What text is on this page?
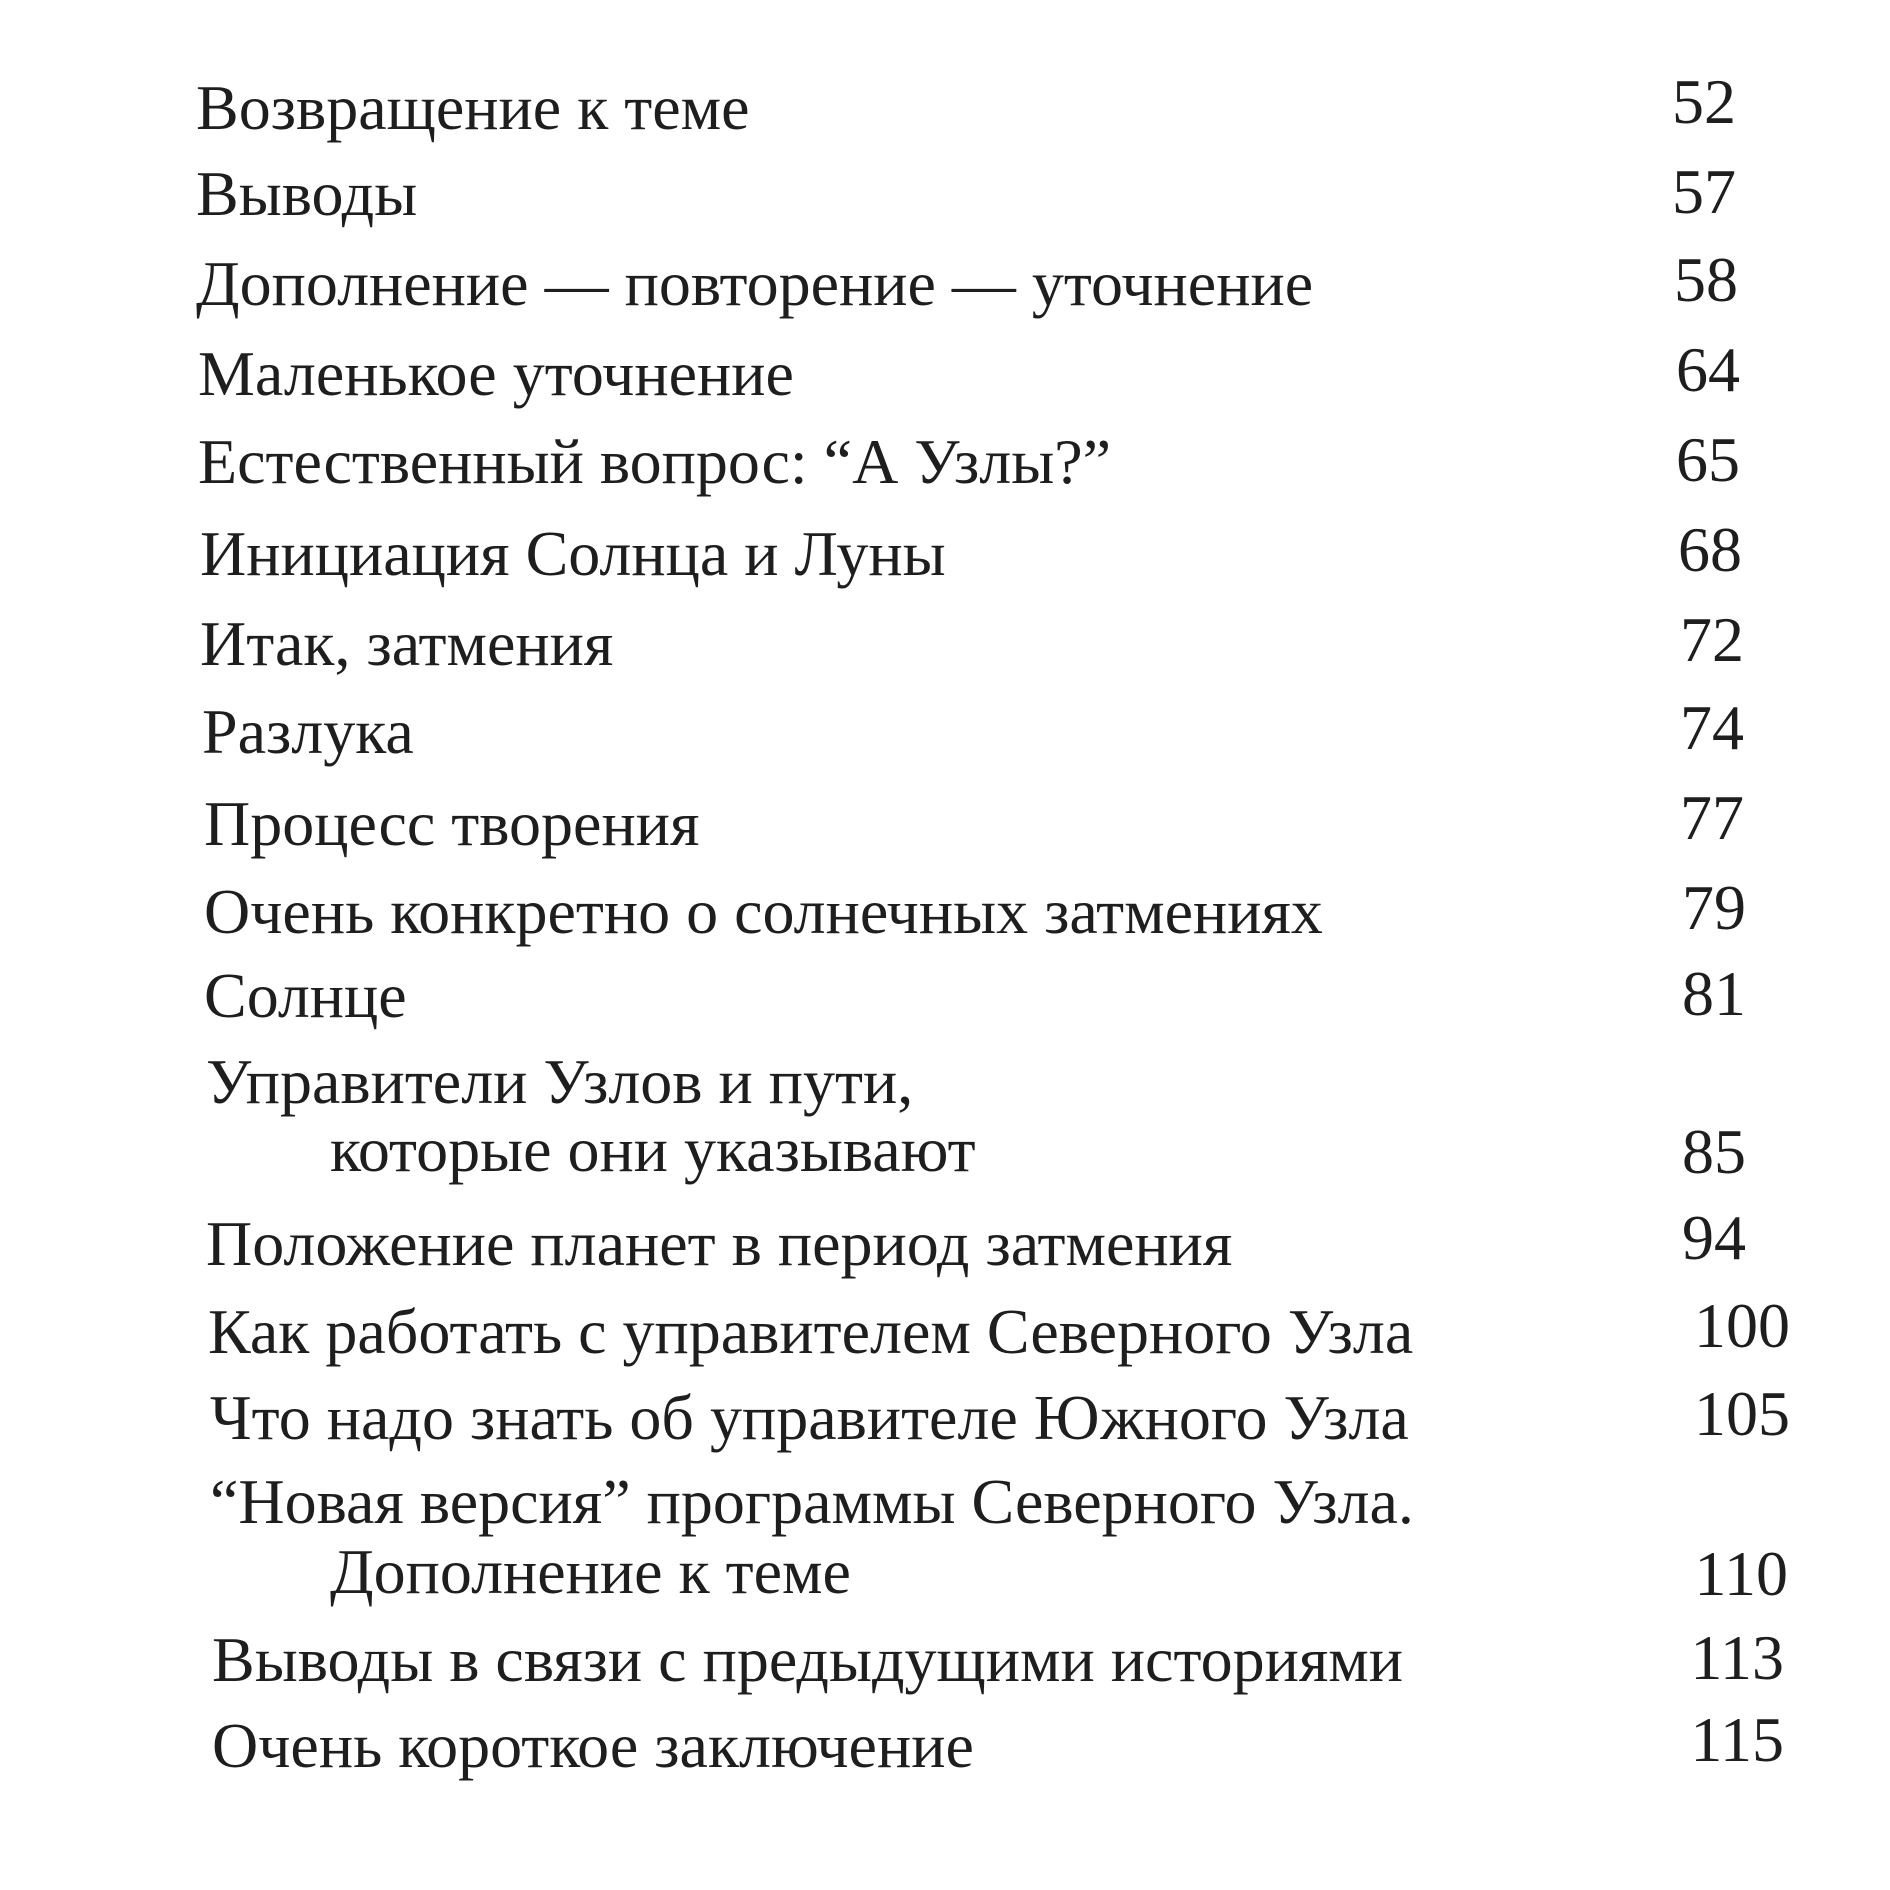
Возвращение к теме	52
Выводы	57
Дополнение — повторение — уточнение	58
Маленькое уточнение	64
Естественный вопрос: “А Узлы?”	65
Инициация Солнца и Луны	68
Итак, затмения	72
Разлука	74
Процесс творения	77
Очень конкретно о солнечных затмениях	79
Солнце	81
Управители Узлов и пути,
которые они указывают	85
Положение планет в период затмения	94
Как работать с управителем Северного Узла	100
Что надо знать об управителе Южного Узла	105
“Новая версия” программы Северного Узла.
Дополнение к теме	110
Выводы в связи с предыдущими историями	113
Очень короткое заключение	115
